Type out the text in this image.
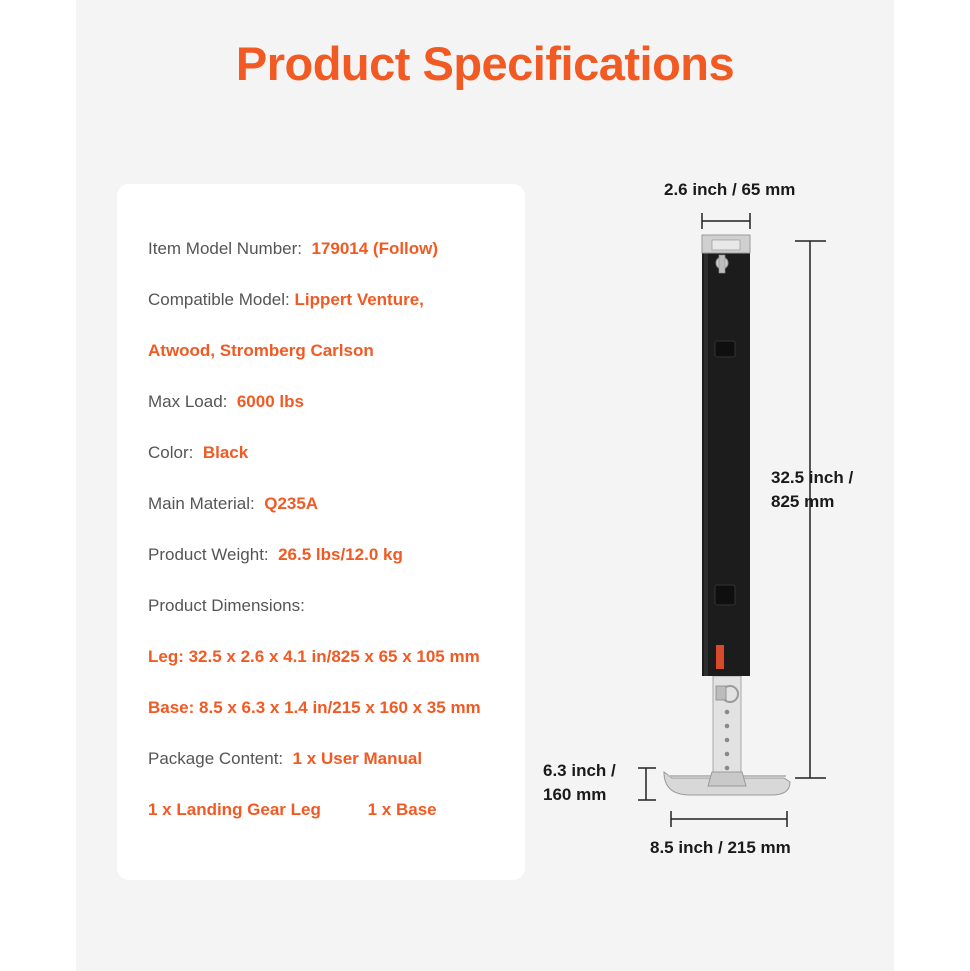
Product Specifications
Item Model Number: 179014 (Follow)
Compatible Model: Lippert Venture,
Atwood, Stromberg Carlson
Max Load: 6000 lbs
Color: Black
Main Material: Q235A
Product Weight: 26.5 lbs/12.0 kg
Product Dimensions:
Leg: 32.5 x 2.6 x 4.1 in/825 x 65 x 105 mm
Base: 8.5 x 6.3 x 1.4 in/215 x 160 x 35 mm
Package Content: 1 x User Manual
1 x Landing Gear Leg	1 x Base
2.6 inch / 65 mm
32.5 inch /
825 mm
6.3 inch /
160 mm
8.5 inch / 215 mm
